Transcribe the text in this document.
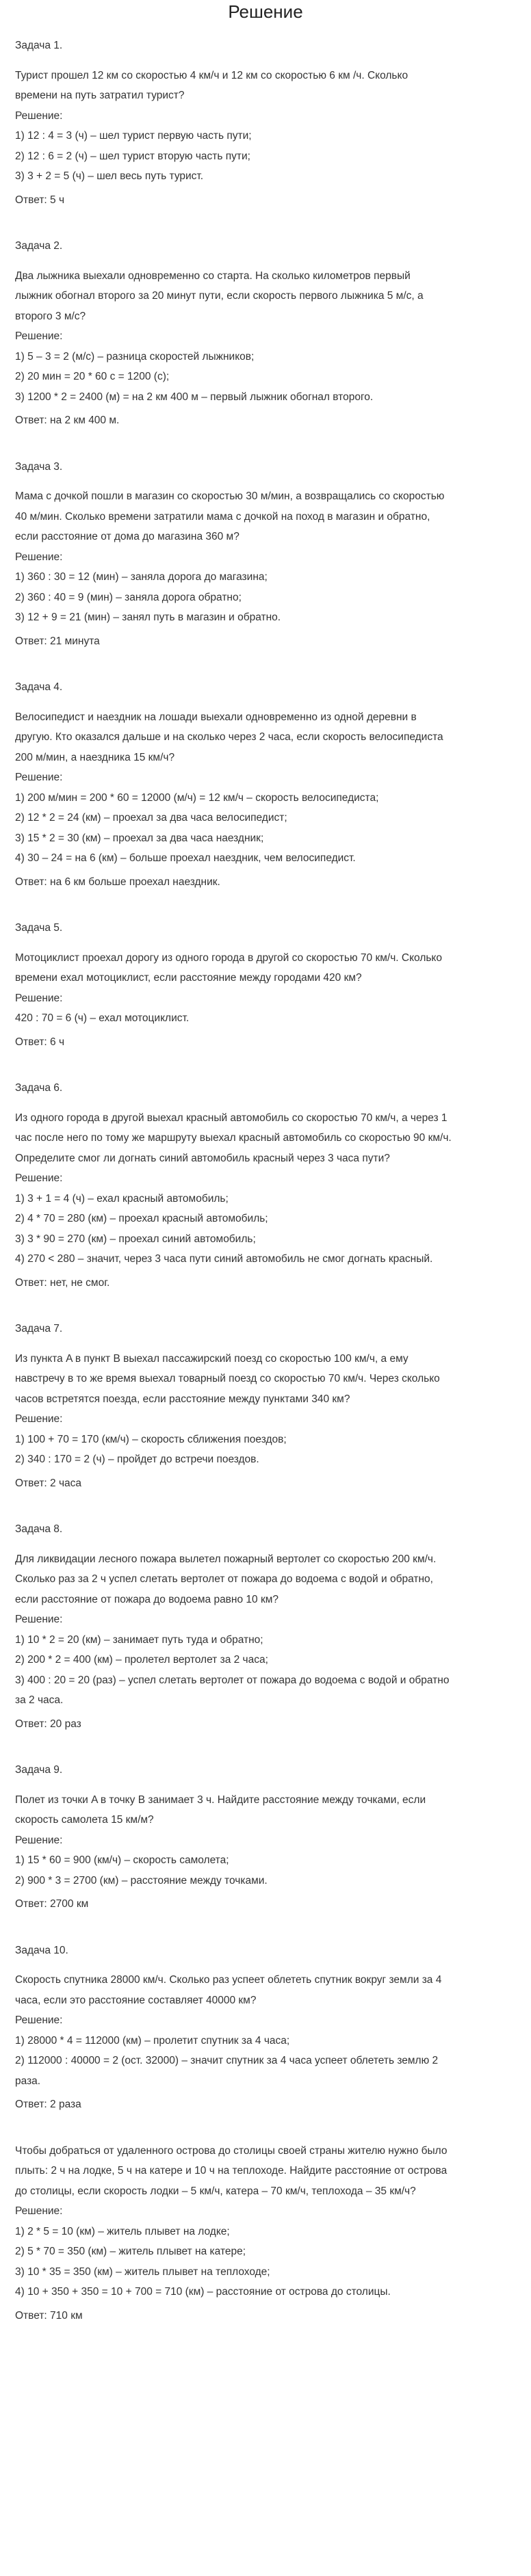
Решение

Задача 1.

Турист прошел 12 км со скоростью 4 км/ч и 12 км со скоростью 6 км /ч. Сколько

времени на путь затратил турист?

Решение:

1) 12 : 4 = 3 (ч) – шел турист первую часть пути;

2) 12 : 6 = 2 (ч) – шел турист вторую часть пути;

3) 3 + 2 = 5 (ч) – шел весь путь турист.

Ответ: 5 ч

Задача 2.

Два лыжника выехали одновременно со старта. На сколько километров первый

лыжник обогнал второго за 20 минут пути, если скорость первого лыжника 5 м/с, а

второго 3 м/с?

Решение:

1) 5 – 3 = 2 (м/с) – разница скоростей лыжников;

2) 20 мин = 20 * 60 с = 1200 (с);

3) 1200 * 2 = 2400 (м) = на 2 км 400 м – первый лыжник обогнал второго.

Ответ: на 2 км 400 м.

Задача 3.

Мама с дочкой пошли в магазин со скоростью 30 м/мин, а возвращались со скоростью

40 м/мин. Сколько времени затратили мама с дочкой на поход в магазин и обратно,

если расстояние от дома до магазина 360 м?

Решение:

1) 360 : 30 = 12 (мин) – заняла дорога до магазина;

2) 360 : 40 = 9 (мин) – заняла дорога обратно;

3) 12 + 9 = 21 (мин) – занял путь в магазин и обратно.

Ответ: 21 минута

Задача 4.

Велосипедист и наездник на лошади выехали одновременно из одной деревни в

другую. Кто оказался дальше и на сколько через 2 часа, если скорость велосипедиста

200 м/мин, а наездника 15 км/ч?

Решение:

1) 200 м/мин = 200 * 60 = 12000 (м/ч) = 12 км/ч – скорость велосипедиста;

2) 12 * 2 = 24 (км) – проехал за два часа велосипедист;

3) 15 * 2 = 30 (км) – проехал за два часа наездник;

4) 30 – 24 = на 6 (км) – больше проехал наездник, чем велосипедист.

Ответ: на 6 км больше проехал наездник.

Задача 5.

Мотоциклист проехал дорогу из одного города в другой со скоростью 70 км/ч. Сколько

времени ехал мотоциклист, если расстояние между городами 420 км?

Решение:

420 : 70 = 6 (ч) – ехал мотоциклист.

Ответ: 6 ч

Задача 6.

Из одного города в другой выехал красный автомобиль со скоростью 70 км/ч, а через 1

час после него по тому же маршруту выехал красный автомобиль со скоростью 90 км/ч.

Определите смог ли догнать синий автомобиль красный через 3 часа пути?

Решение:

1) 3 + 1 = 4 (ч) – ехал красный автомобиль;

2) 4 * 70 = 280 (км) – проехал красный автомобиль;

3) 3 * 90 = 270 (км) – проехал синий автомобиль;

4) 270 < 280 – значит, через 3 часа пути синий автомобиль не смог догнать красный.

Ответ: нет, не смог.

Задача 7.

Из пункта A в пункт B выехал пассажирский поезд со скоростью 100 км/ч, а ему

навстречу в то же время выехал товарный поезд со скоростью 70 км/ч. Через сколько

часов встретятся поезда, если расстояние между пунктами 340 км?

Решение:

1) 100 + 70 = 170 (км/ч) – скорость сближения поездов;

2) 340 : 170 = 2 (ч) – пройдет до встречи поездов.

Ответ: 2 часа

Задача 8.

Для ликвидации лесного пожара вылетел пожарный вертолет со скоростью 200 км/ч.

Сколько раз за 2 ч успел слетать вертолет от пожара до водоема с водой и обратно,

если расстояние от пожара до водоема равно 10 км?

Решение:

1) 10 * 2 = 20 (км) – занимает путь туда и обратно;

2) 200 * 2 = 400 (км) – пролетел вертолет за 2 часа;

3) 400 : 20 = 20 (раз) – успел слетать вертолет от пожара до водоема с водой и обратно

за 2 часа.

Ответ: 20 раз

Задача 9.

Полет из точки A в точку B занимает 3 ч. Найдите расстояние между точками, если

скорость самолета 15 км/м?

Решение:

1) 15 * 60 = 900 (км/ч) – скорость самолета;

2) 900 * 3 = 2700 (км) – расстояние между точками.

Ответ: 2700 км

Задача 10.

Скорость спутника 28000 км/ч. Сколько раз успеет облететь спутник вокруг земли за 4

часа, если это расстояние составляет 40000 км?

Решение:

1) 28000 * 4 = 112000 (км) – пролетит спутник за 4 часа;

2) 112000 : 40000 = 2 (ост. 32000) – значит спутник за 4 часа успеет облететь землю 2

раза.

Ответ: 2 раза

Чтобы добраться от удаленного острова до столицы своей страны жителю нужно было

плыть: 2 ч на лодке, 5 ч на катере и 10 ч на теплоходе. Найдите расстояние от острова

до столицы, если скорость лодки – 5 км/ч, катера – 70 км/ч, теплохода – 35 км/ч?

Решение:

1) 2 * 5 = 10 (км) – житель плывет на лодке;

2) 5 * 70 = 350 (км) – житель плывет на катере;

3) 10 * 35 = 350 (км) – житель плывет на теплоходе;

4) 10 + 350 + 350 = 10 + 700 = 710 (км) – расстояние от острова до столицы.

Ответ: 710 км
